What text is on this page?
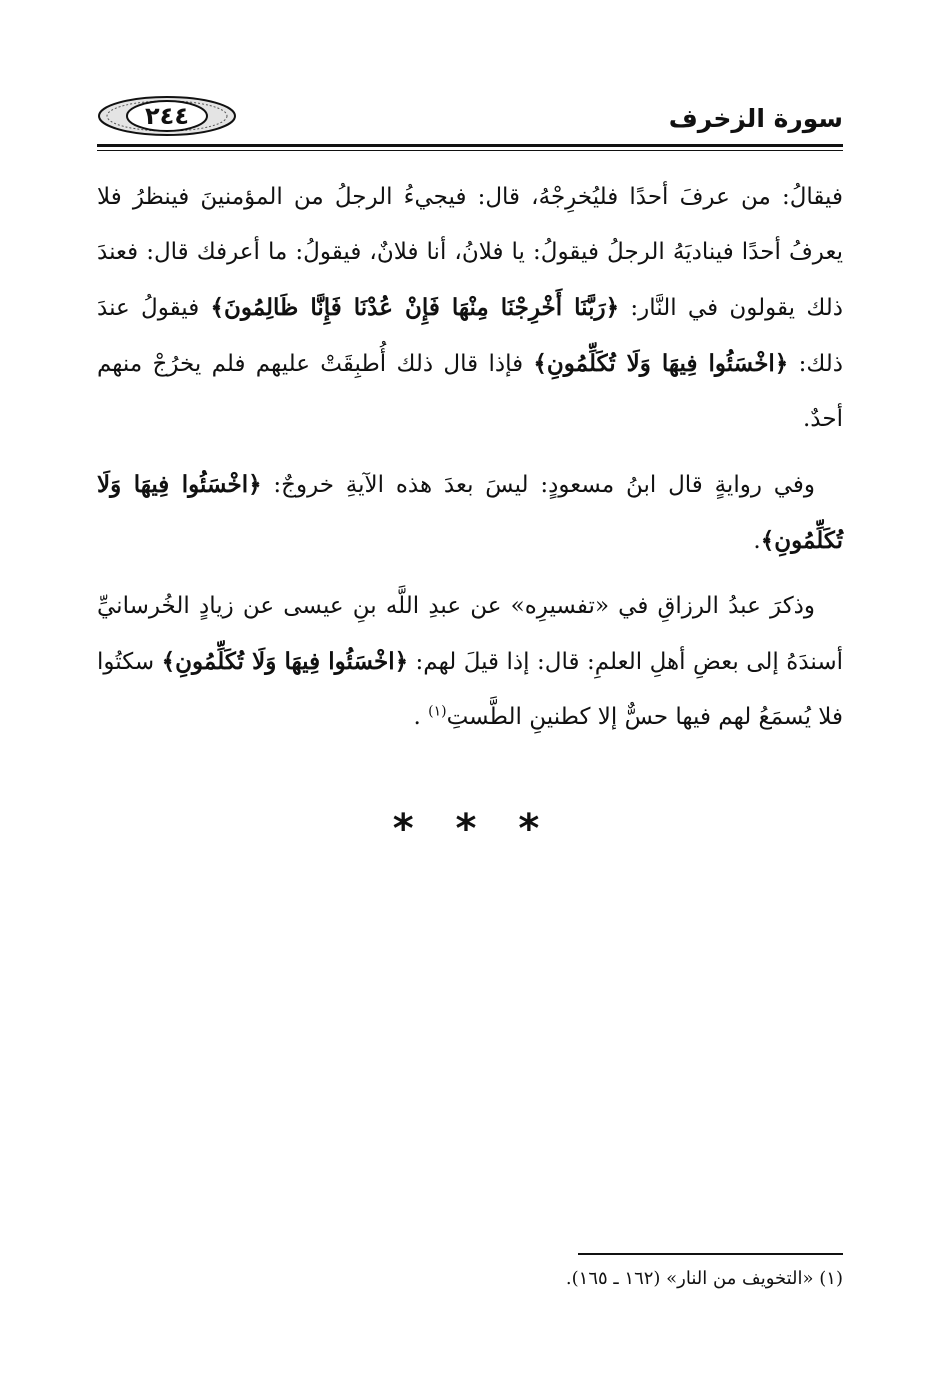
٢٤٤	سورة الزخرف

فيقالُ: من عرفَ أحدًا فليُخرِجْهُ، قال: فيجيءُ الرجلُ من المؤمنينَ فينظرُ فلا يعرفُ أحدًا فيناديَهُ الرجلُ فيقولُ: يا فلانُ، أنا فلانٌ، فيقولُ: ما أعرفك قال: فعندَ ذلك يقولون في النَّار: ﴿رَبَّنَا أَخْرِجْنَا مِنْهَا فَإِنْ عُدْنَا فَإِنَّا ظَالِمُونَ﴾ فيقولُ عندَ ذلك: ﴿اخْسَئُوا فِيهَا وَلَا تُكَلِّمُونِ﴾ فإذا قال ذلك أُطبِقَتْ عليهم فلم يخرُجْ منهم أحدٌ.

وفي روايةٍ قال ابنُ مسعودٍ: ليسَ بعدَ هذه الآيةِ خروجٌ: ﴿اخْسَئُوا فِيهَا وَلَا تُكَلِّمُونِ﴾.

وذكرَ عبدُ الرزاقِ في «تفسيرِه» عن عبدِ اللَّه بنِ عيسى عن زيادٍ الخُرسانيِّ أسندَهُ إلى بعضِ أهلِ العلمِ: قال: إذا قيلَ لهم: ﴿اخْسَئُوا فِيهَا وَلَا تُكَلِّمُونِ﴾ سكتُوا فلا يُسمَعُ لهم فيها حسٌّ إلا كطنينِ الطَّستِ$^{(١)}$ .

* * *
(١) «التخويف من النار» (١٦٢ ـ ١٦٥).
